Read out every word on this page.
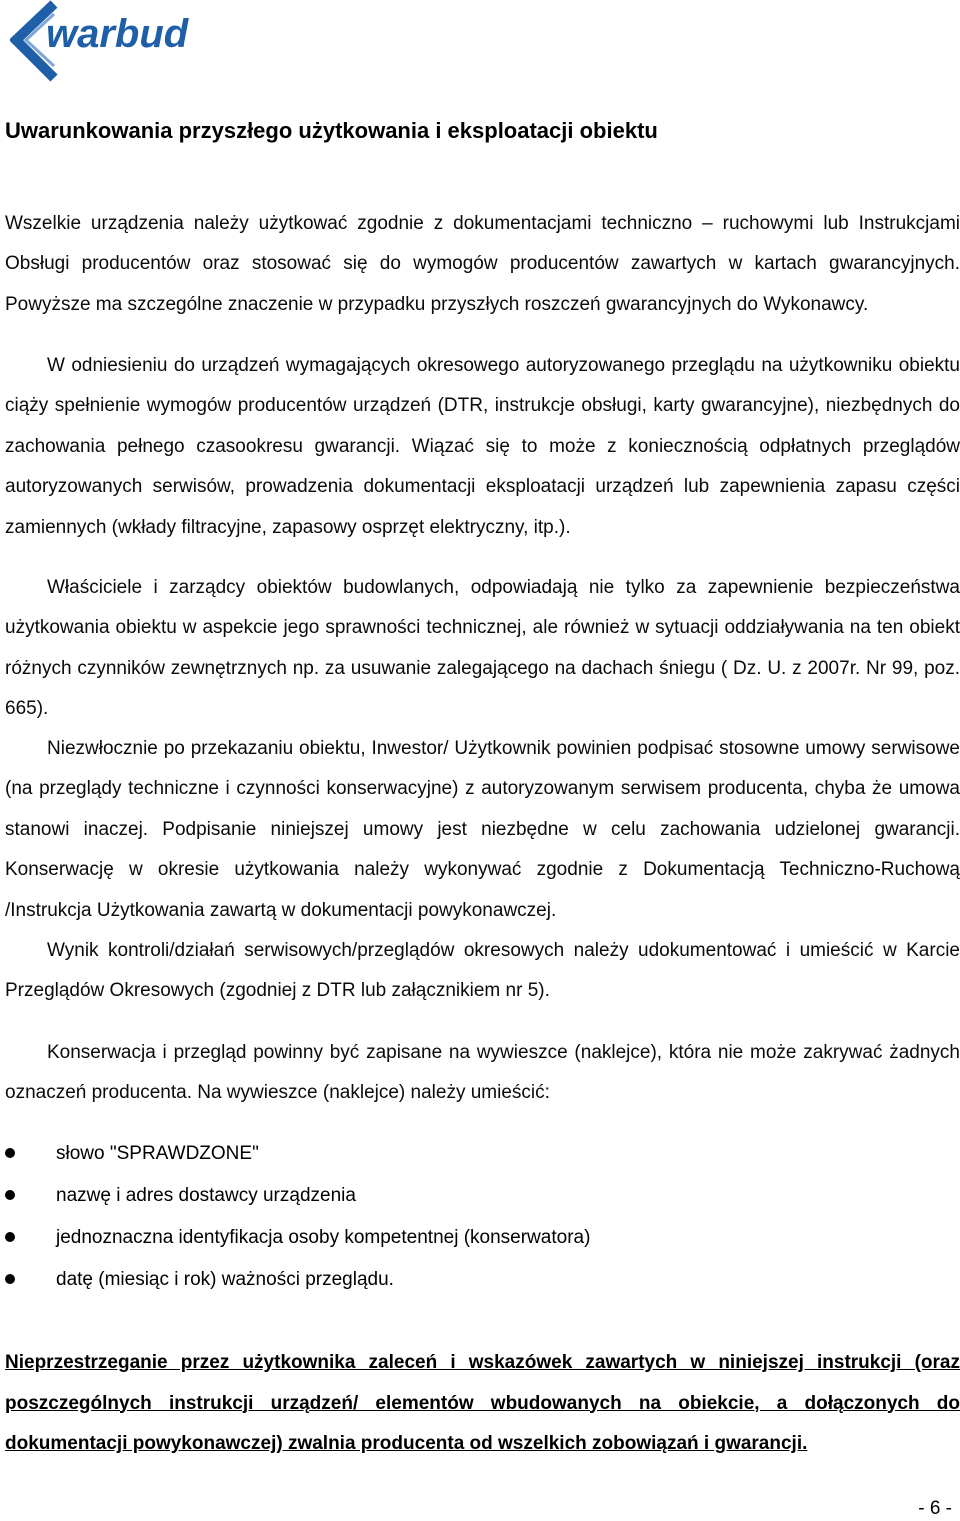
warbud
Uwarunkowania przyszłego użytkowania i eksploatacji obiektu

Wszelkie urządzenia należy użytkować zgodnie z dokumentacjami techniczno – ruchowymi lub Instrukcjami Obsługi producentów oraz stosować się do wymogów producentów zawartych w kartach gwarancyjnych. Powyższe ma szczególne znaczenie w przypadku przyszłych roszczeń gwarancyjnych do Wykonawcy.

W odniesieniu do urządzeń wymagających okresowego autoryzowanego przeglądu na użytkowniku obiektu ciąży spełnienie wymogów producentów urządzeń (DTR, instrukcje obsługi, karty gwarancyjne), niezbędnych do zachowania pełnego czasookresu gwarancji. Wiązać się to może z koniecznością odpłatnych przeglądów autoryzowanych serwisów, prowadzenia dokumentacji eksploatacji urządzeń lub zapewnienia zapasu części zamiennych (wkłady filtracyjne, zapasowy osprzęt elektryczny, itp.).

Właściciele i zarządcy obiektów budowlanych, odpowiadają nie tylko za zapewnienie bezpieczeństwa użytkowania obiektu w aspekcie jego sprawności technicznej, ale również w sytuacji oddziaływania na ten obiekt różnych czynników zewnętrznych np. za usuwanie zalegającego na dachach śniegu ( Dz. U. z 2007r. Nr 99, poz. 665).

Niezwłocznie po przekazaniu obiektu, Inwestor/ Użytkownik powinien podpisać stosowne umowy serwisowe (na przeglądy techniczne i czynności konserwacyjne) z autoryzowanym serwisem producenta, chyba że umowa stanowi inaczej. Podpisanie niniejszej umowy jest niezbędne w celu zachowania udzielonej gwarancji. Konserwację w okresie użytkowania należy wykonywać zgodnie z Dokumentacją Techniczno-Ruchową /Instrukcja Użytkowania zawartą w dokumentacji powykonawczej.

Wynik kontroli/działań serwisowych/przeglądów okresowych należy udokumentować i umieścić w Karcie Przeglądów Okresowych (zgodniej z DTR lub załącznikiem nr 5).

Konserwacja i przegląd powinny być zapisane na wywieszce (naklejce), która nie może zakrywać żadnych oznaczeń producenta. Na wywieszce (naklejce) należy umieścić:

słowo "SPRAWDZONE"
nazwę i adres dostawcy urządzenia
jednoznaczna identyfikacja osoby kompetentnej (konserwatora)
datę (miesiąc i rok) ważności przeglądu.

Nieprzestrzeganie przez użytkownika zaleceń i wskazówek zawartych w niniejszej instrukcji (oraz poszczególnych instrukcji urządzeń/ elementów wbudowanych na obiekcie, a dołączonych do dokumentacji powykonawczej) zwalnia producenta od wszelkich zobowiązań i gwarancji.

- 6 -
